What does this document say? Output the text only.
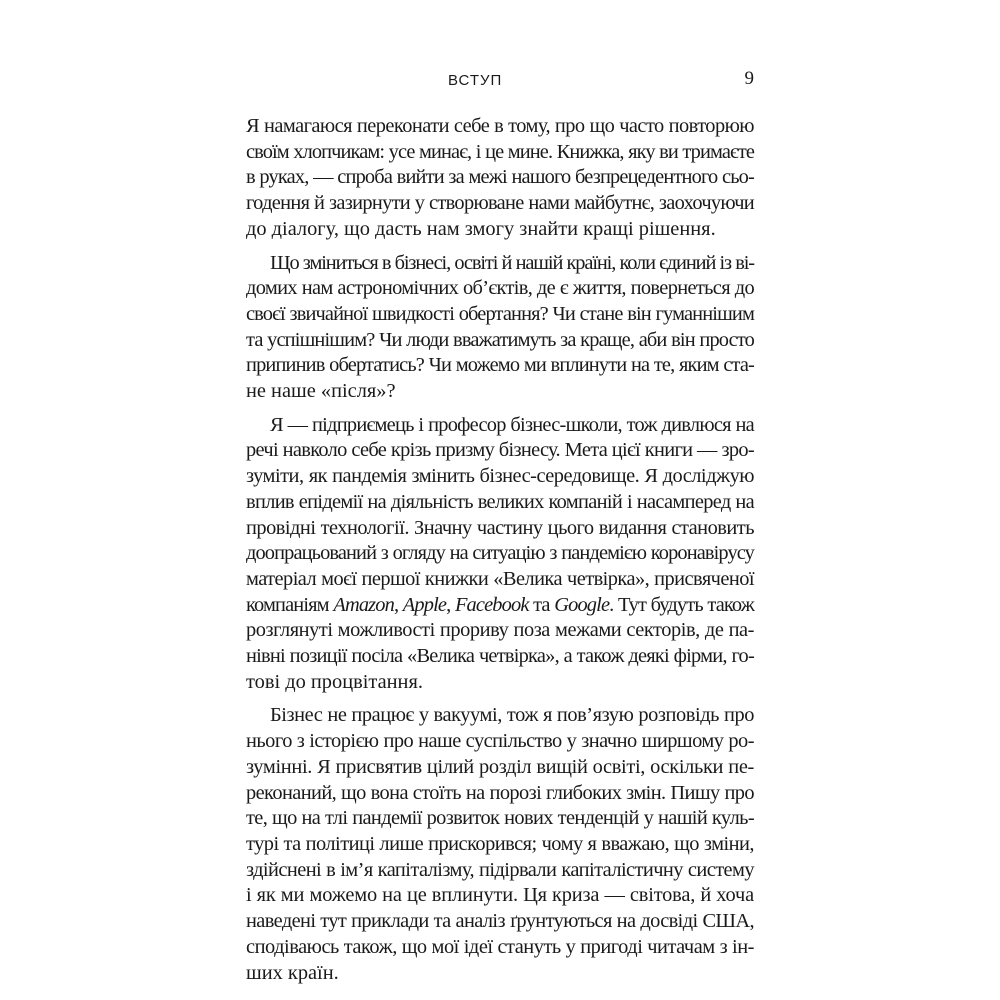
ВСТУП	9
Я намагаюся переконати себе в тому, про що часто повторюю
своїм хлопчикам: усе минає, і це мине. Книжка, яку ви тримаєте
в руках, — спроба вийти за межі нашого безпрецедентного сьо-
годення й зазирнути у створюване нами майбутнє, заохочуючи
до діалогу, що дасть нам змогу знайти кращі рішення.
Що зміниться в бізнесі, освіті й нашій країні, коли єдиний із ві-
домих нам астрономічних об’єктів, де є життя, повернеться до
своєї звичайної швидкості обертання? Чи стане він гуманнішим
та успішнішим? Чи люди вважатимуть за краще, аби він просто
припинив обертатись? Чи можемо ми вплинути на те, яким ста-
не наше «після»?
Я — підприємець і професор бізнес-школи, тож дивлюся на
речі навколо себе крізь призму бізнесу. Мета цієї книги — зро-
зуміти, як пандемія змінить бізнес-середовище. Я досліджую
вплив епідемії на діяльність великих компаній і насамперед на
провідні технології. Значну частину цього видання становить
доопрацьований з огляду на ситуацію з пандемією коронавірусу
матеріал моєї першої книжки «Велика четвірка», присвяченої
компаніям Amazon, Apple, Facebook та Google. Тут будуть також
розглянуті можливості прориву поза межами секторів, де па-
нівні позиції посіла «Велика четвірка», а також деякі фірми, го-
тові до процвітання.
Бізнес не працює у вакуумі, тож я пов’язую розповідь про
нього з історією про наше суспільство у значно ширшому ро-
зумінні. Я присвятив цілий розділ вищій освіті, оскільки пе-
реконаний, що вона стоїть на порозі глибоких змін. Пишу про
те, що на тлі пандемії розвиток нових тенденцій у нашій куль-
турі та політиці лише прискорився; чому я вважаю, що зміни,
здійснені в ім’я капіталізму, підірвали капіталістичну систему
і як ми можемо на це вплинути. Ця криза — світова, й хоча
наведені тут приклади та аналіз ґрунтуються на досвіді США,
сподіваюсь також, що мої ідеї стануть у пригоді читачам з ін-
ших країн.
